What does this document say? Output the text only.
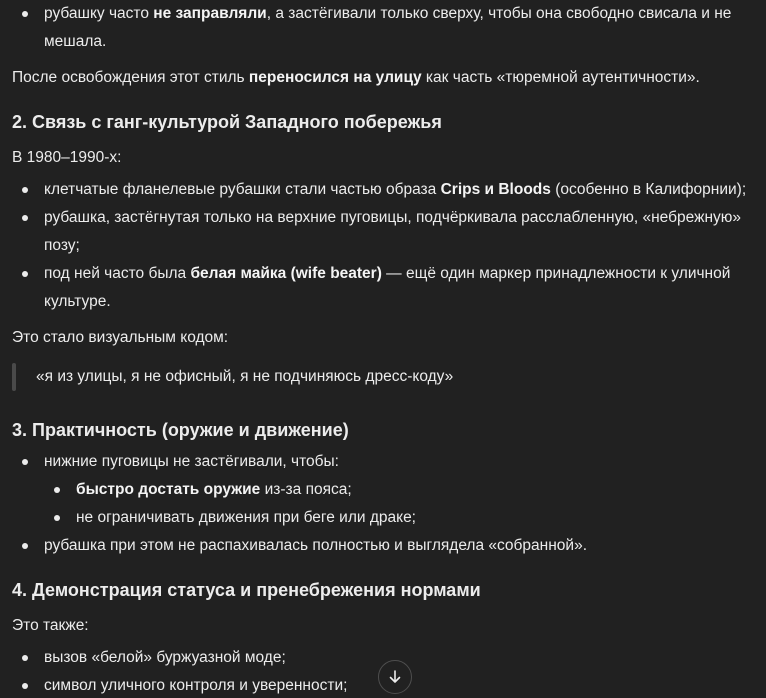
рубашку часто не заправляли, а застёгивали только сверху, чтобы она свободно свисала и не
мешала.
После освобождения этот стиль переносился на улицу как часть «тюремной аутентичности».
2. Связь с ганг-культурой Западного побережья
В 1980–1990-х:
клетчатые фланелевые рубашки стали частью образа Crips и Bloods (особенно в Калифорнии);
рубашка, застёгнутая только на верхние пуговицы, подчёркивала расслабленную, «небрежную»
позу;
под ней часто была белая майка (wife beater) — ещё один маркер принадлежности к уличной
культуре.
Это стало визуальным кодом:
«я из улицы, я не офисный, я не подчиняюсь дресс-коду»
3. Практичность (оружие и движение)
нижние пуговицы не застёгивали, чтобы:
быстро достать оружие из-за пояса;
не ограничивать движения при беге или драке;
рубашка при этом не распахивалась полностью и выглядела «собранной».
4. Демонстрация статуса и пренебрежения нормами
Это также:
вызов «белой» буржуазной моде;
символ уличного контроля и уверенности;
